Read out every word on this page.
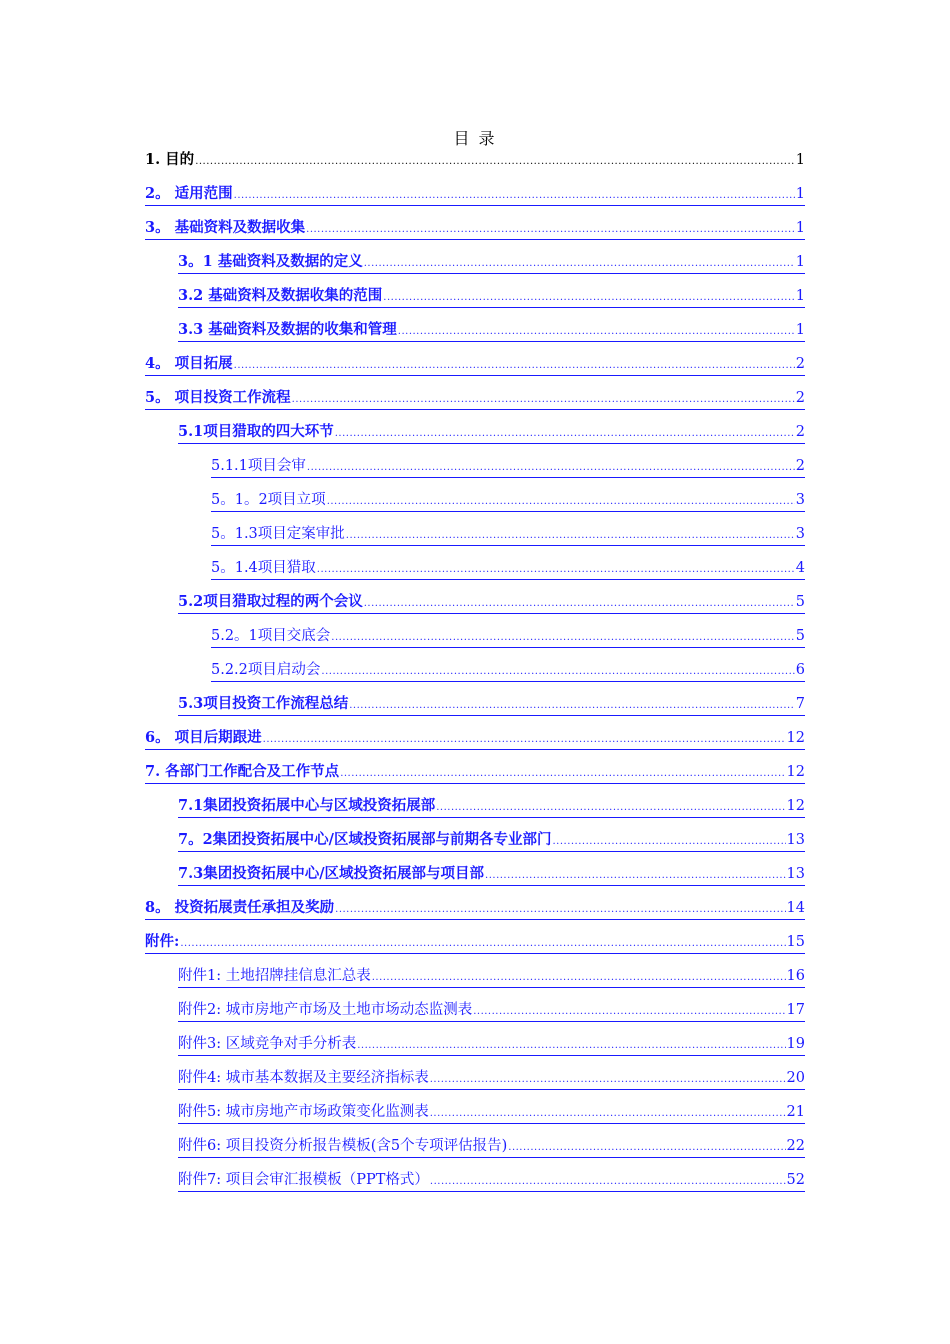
目 录
1. 目的 .....	1
2。 适用范围 .....	1
3。 基础资料及数据收集 .....	1
3。1 基础资料及数据的定义 .....	1
3.2 基础资料及数据收集的范围 .....	1
3.3 基础资料及数据的收集和管理 .....	1
4。 项目拓展 .....	2
5。 项目投资工作流程 .....	2
5.1项目猎取的四大环节 .....	2
5.1.1项目会审 .....	2
5。1。2项目立项 .....	3
5。1.3项目定案审批 .....	3
5。1.4项目猎取 .....	4
5.2项目猎取过程的两个会议 .....	5
5.2。1项目交底会 .....	5
5.2.2项目启动会 .....	6
5.3项目投资工作流程总结 .....	7
6。 项目后期跟进 .....	12
7. 各部门工作配合及工作节点 .....	12
7.1集团投资拓展中心与区域投资拓展部 .....	12
7。2集团投资拓展中心/区域投资拓展部与前期各专业部门 .....	13
7.3集团投资拓展中心/区域投资拓展部与项目部 .....	13
8。 投资拓展责任承担及奖励 .....	14
附件: .....	15
附件1: 土地招牌挂信息汇总表 .....	16
附件2: 城市房地产市场及土地市场动态监测表 .....	17
附件3: 区域竞争对手分析表 .....	19
附件4: 城市基本数据及主要经济指标表 .....	20
附件5: 城市房地产市场政策变化监测表 .....	21
附件6: 项目投资分析报告模板(含5个专项评估报告) .....	22
附件7: 项目会审汇报模板（PPT格式） .....	52
